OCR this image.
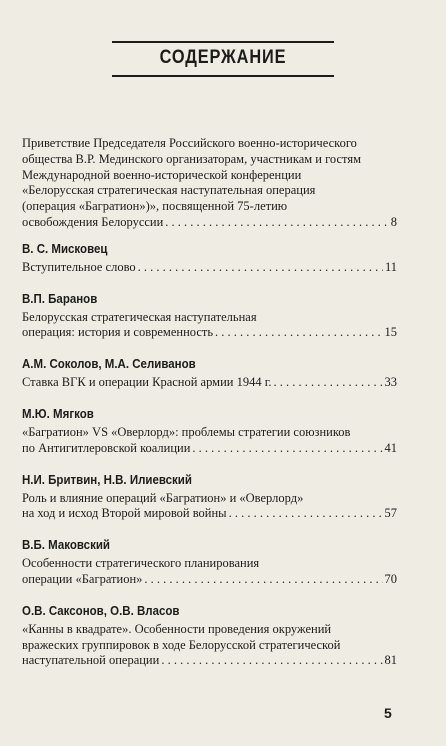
СОДЕРЖАНИЕ
Приветствие Председателя Российского военно-исторического
общества В.Р. Мединского организаторам, участникам и гостям
Международной военно-исторической конференции
«Белорусская стратегическая наступательная операция
(операция «Багратион»)», посвященной 75-летию
освобождения Белоруссии . . .	8
В. С. Мисковец
Вступительное слово . . .	11
В.П. Баранов
Белорусская стратегическая наступательная
операция: история и современность . . .	15
А.М. Соколов, М.А. Селиванов
Ставка ВГК и операции Красной армии 1944 г. . . .	33
М.Ю. Мягков
«Багратион» VS «Оверлорд»: проблемы стратегии союзников
по Антигитлеровской коалиции . . .	41
Н.И. Бритвин, Н.В. Илиевский
Роль и влияние операций «Багратион» и «Оверлорд»
на ход и исход Второй мировой войны . . .	57
В.Б. Маковский
Особенности стратегического планирования
операции «Багратион» . . .	70
О.В. Саксонов, О.В. Власов
«Канны в квадрате». Особенности проведения окружений
вражеских группировок в ходе Белорусской стратегической
наступательной операции . . .	81
5
